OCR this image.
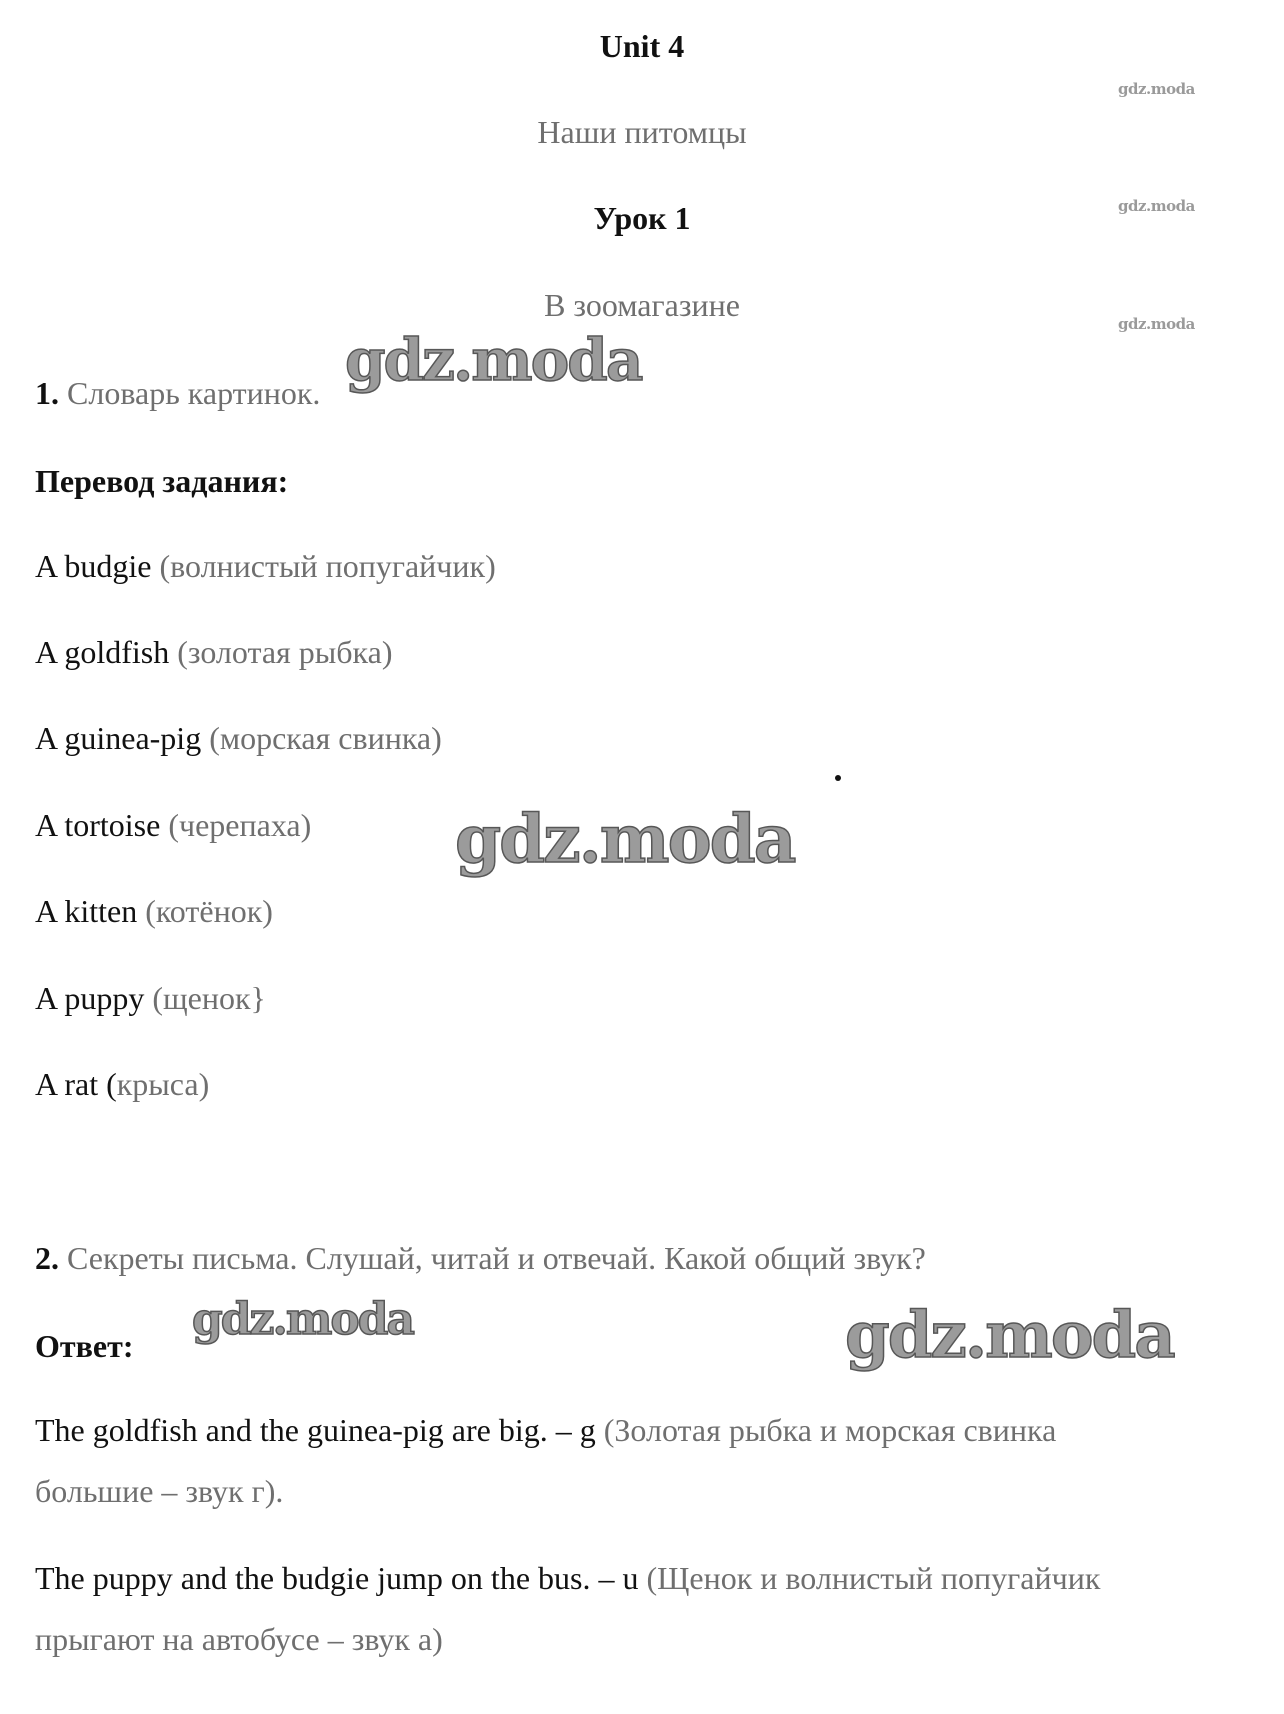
Unit 4
Наши питомцы
Урок 1
В зоомагазине
gdz.moda
gdz.moda
gdz.moda
1. Словарь картинок.
Перевод задания:
A budgie (волнистый попугайчик)
A goldfish (золотая рыбка)
A guinea-pig (морская свинка)
A tortoise (черепаха)
A kitten (котёнок)
A puppy (щенок}
A rat (крыса)
2. Секреты письма. Слушай, читай и отвечай. Какой общий звук?
Ответ:
The goldfish and the guinea-pig are big. – g (Золотая рыбка и морская свинка
большие – звук г).
The puppy and the budgie jump on the bus. – u (Щенок и волнистый попугайчик
прыгают на автобусе – звук а)
gdz.moda
gdz.moda
gdz.moda	gdz.moda
